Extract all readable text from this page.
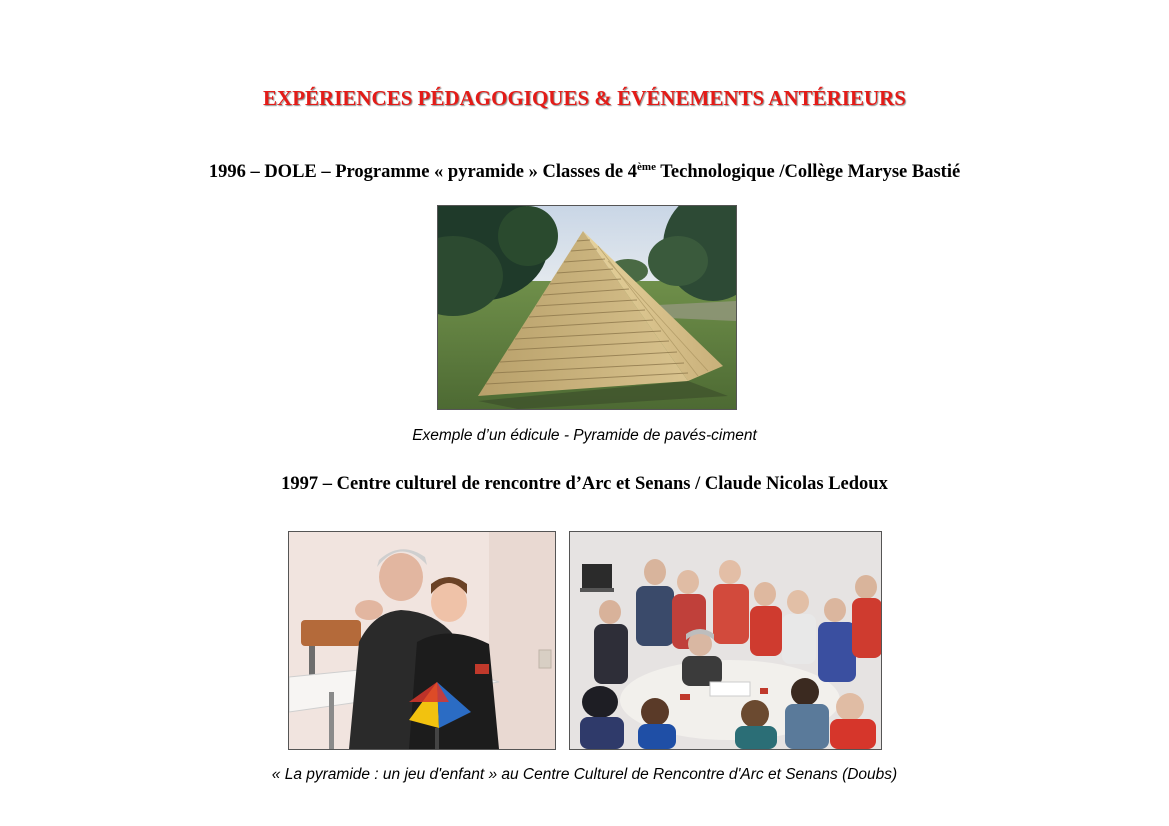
EXPÉRIENCES PÉDAGOGIQUES & ÉVÉNEMENTS ANTÉRIEURS
1996 – DOLE – Programme « pyramide » Classes de 4ème Technologique /Collège Maryse Bastié
Exemple d’un édicule - Pyramide de pavés-ciment
1997 – Centre culturel de rencontre d’Arc et Senans / Claude Nicolas Ledoux
« La pyramide : un jeu d'enfant » au Centre Culturel de Rencontre d'Arc et Senans (Doubs)
